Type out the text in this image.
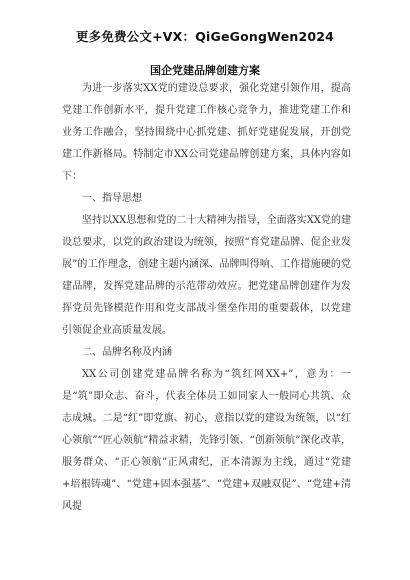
更多免费公文+VX：QiGeGongWen2024
国企党建品牌创建方案

为进一步落实XX党的建设总要求，强化党建引领作用，提高党建工作创新水平，提升党建工作核心竞争力，推进党建工作和业务工作融合，坚持围绕中心抓党建、抓好党建促发展，开创党建工作新格局。特制定市XX公司党建品牌创建方案，具体内容如下：

一、指导思想

坚持以XX思想和党的二十大精神为指导，全面落实XX党的建设总要求，以党的政治建设为统领，按照“育党建品牌、促企业发展”的工作理念，创建主题内涵深、品牌叫得响、工作措施硬的党建品牌，发挥党建品牌的示范带动效应。把党建品牌创建作为发挥党员先锋模范作用和党支部战斗堡垒作用的重要载体，以党建引领促企业高质量发展。

二、品牌名称及内涵

XX公司创建党建品牌名称为“筑红网XX+”，意为：一是“筑”即众志、奋斗，代表全体员工如同家人一般同心共筑、众志成城。二是“红”即党旗、初心，意指以党的建设为统领，以“红心领航”“匠心领航”精益求精，先锋引领、“创新领航”深化改革，服务群众、“正心领航”正风肃纪，正本清源为主线，通过“党建+培根铸魂”、“党建+固本强基”、“党建+双融双促”、“党建+清风提
